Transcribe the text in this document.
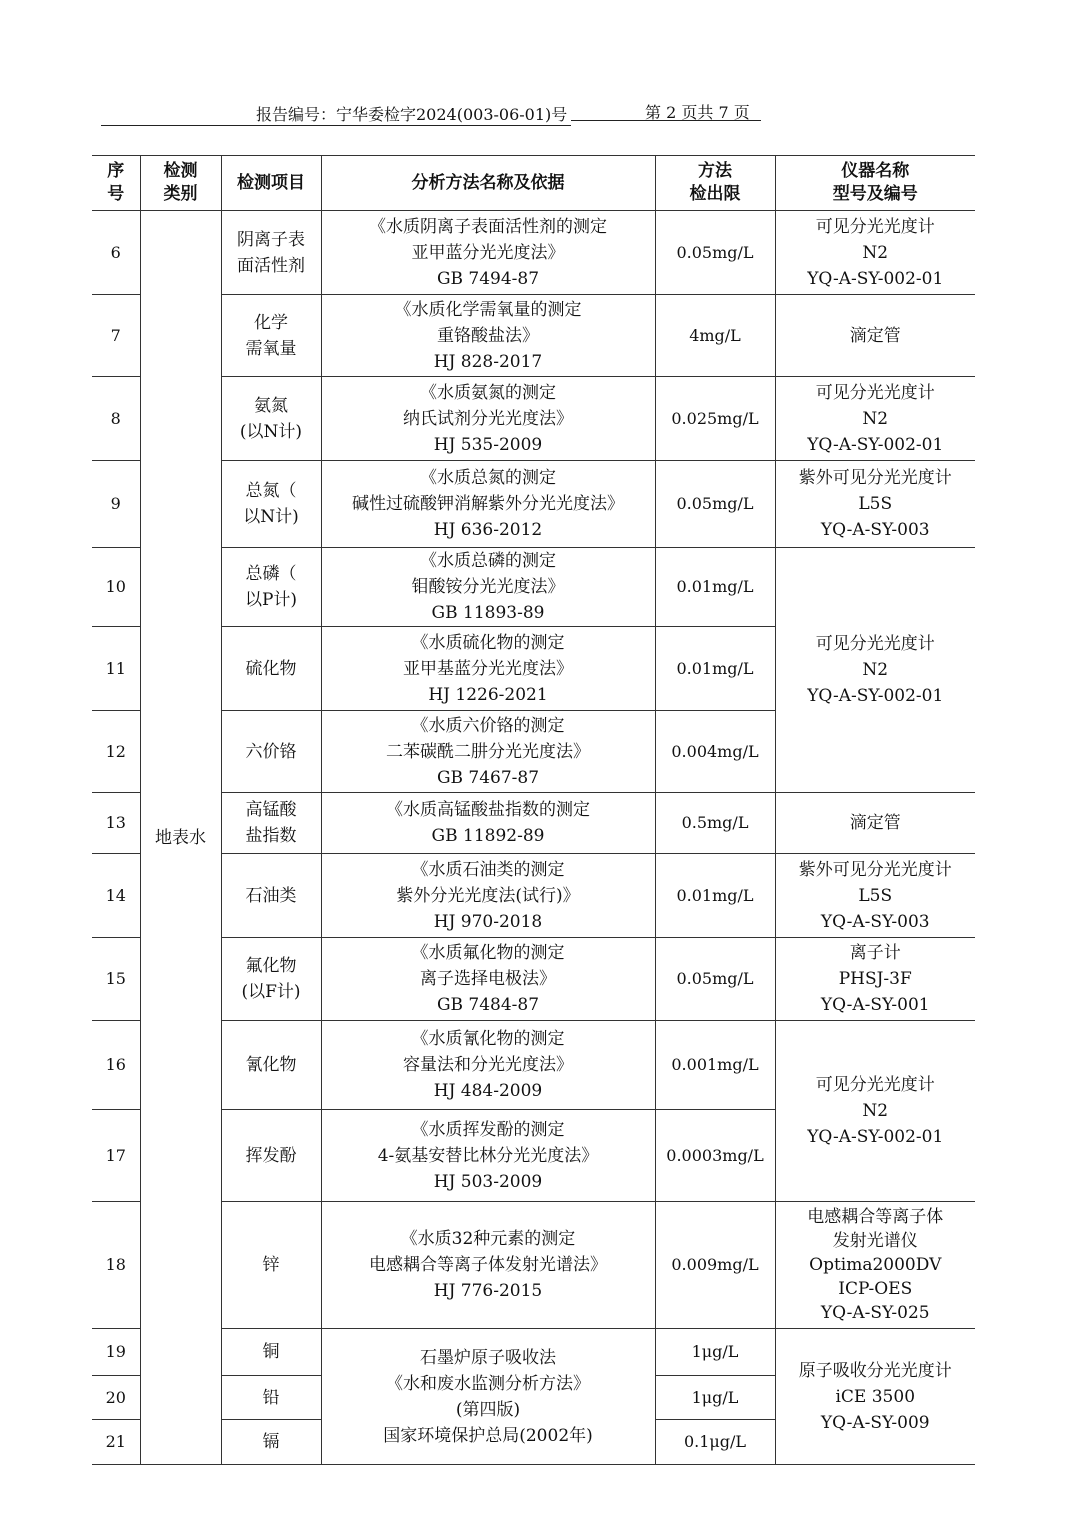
报告编号：宁华委检字2024(003-06-01)号	第 2 页共 7 页
序
号	检测
类别	检测项目	分析方法名称及依据	方法
检出限	仪器名称
型号及编号

6	地表水	阴离子表
面活性剂	《水质阴离子表面活性剂的测定
亚甲蓝分光光度法》
GB 7494-87	0.05mg/L	可见分光光度计
N2
YQ-A-SY-002-01

7		化学
需氧量	《水质化学需氧量的测定
重铬酸盐法》
HJ 828-2017	4mg/L	滴定管

8		氨氮
(以N计)	《水质氨氮的测定
纳氏试剂分光光度法》
HJ 535-2009	0.025mg/L	可见分光光度计
N2
YQ-A-SY-002-01

9		总氮（
以N计)	《水质总氮的测定
碱性过硫酸钾消解紫外分光光度法》
HJ 636-2012	0.05mg/L	紫外可见分光光度计
L5S
YQ-A-SY-003

10		总磷（
以P计)	《水质总磷的测定
钼酸铵分光光度法》
GB 11893-89	0.01mg/L	可见分光光度计
N2
YQ-A-SY-002-01

11		硫化物	《水质硫化物的测定
亚甲基蓝分光光度法》
HJ 1226-2021	0.01mg/L	
12		六价铬	《水质六价铬的测定
二苯碳酰二肼分光光度法》
GB 7467-87	0.004mg/L	
13		高锰酸
盐指数	《水质高锰酸盐指数的测定
GB 11892-89	0.5mg/L	滴定管

14		石油类	《水质石油类的测定
紫外分光光度法(试行)》
HJ 970-2018	0.01mg/L	紫外可见分光光度计
L5S
YQ-A-SY-003

15		氟化物
(以F计)	《水质氟化物的测定
离子选择电极法》
GB 7484-87	0.05mg/L	离子计
PHSJ-3F
YQ-A-SY-001

16		氰化物	《水质氰化物的测定
容量法和分光光度法》
HJ 484-2009	0.001mg/L	可见分光光度计
N2
YQ-A-SY-002-01

17		挥发酚	《水质挥发酚的测定
4-氨基安替比林分光光度法》
HJ 503-2009	0.0003mg/L	
18		锌	《水质32种元素的测定
电感耦合等离子体发射光谱法》
HJ 776-2015	0.009mg/L	电感耦合等离子体
发射光谱仪
Optima2000DV
ICP-OES
YQ-A-SY-025

19		铜	石墨炉原子吸收法
《水和废水监测分析方法》
(第四版)
国家环境保护总局(2002年)	1μg/L	原子吸收分光光度计
iCE 3500
YQ-A-SY-009

20		铅		1μg/L	
21		镉		0.1μg/L	
